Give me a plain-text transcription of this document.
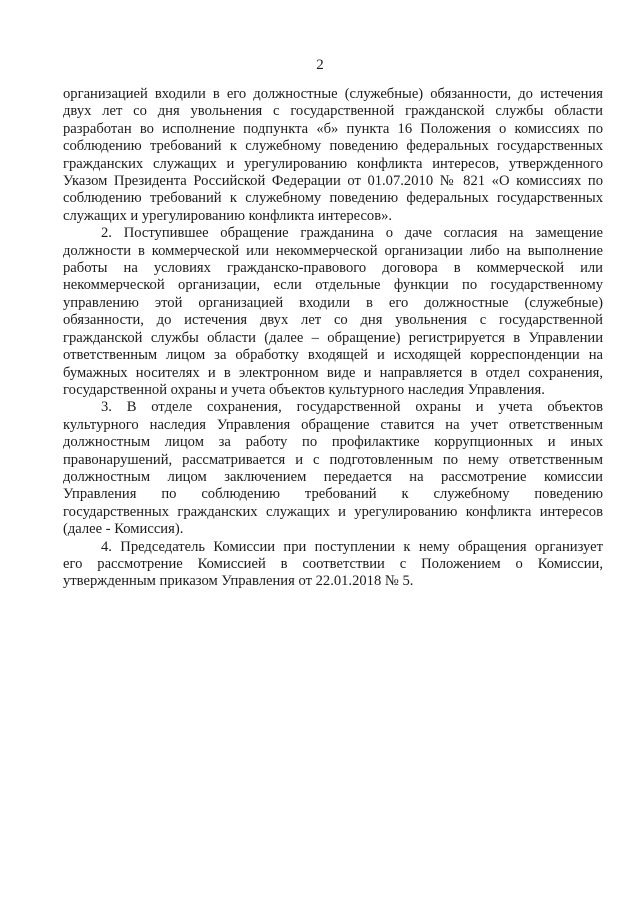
2
организацией входили в его должностные (служебные) обязанности, до истечения
двух лет со дня увольнения с государственной гражданской службы области
разработан во исполнение подпункта «б» пункта 16 Положения о комиссиях по
соблюдению требований к служебному поведению федеральных государственных
гражданских служащих и урегулированию конфликта интересов, утвержденного
Указом Президента Российской Федерации от 01.07.2010 № 821 «О комиссиях по
соблюдению требований к служебному поведению федеральных государственных
служащих и урегулированию конфликта интересов».
2. Поступившее обращение гражданина о даче согласия на замещение
должности в коммерческой или некоммерческой организации либо на выполнение
работы на условиях гражданско-правового договора в коммерческой или
некоммерческой организации, если отдельные функции по государственному
управлению этой организацией входили в его должностные (служебные)
обязанности, до истечения двух лет со дня увольнения с государственной
гражданской службы области (далее – обращение) регистрируется в Управлении
ответственным лицом за обработку входящей и исходящей корреспонденции на
бумажных носителях и в электронном виде и направляется в отдел сохранения,
государственной охраны и учета объектов культурного наследия Управления.
3. В отделе сохранения, государственной охраны и учета объектов
культурного наследия Управления обращение ставится на учет ответственным
должностным лицом за работу по профилактике коррупционных и иных
правонарушений, рассматривается и с подготовленным по нему ответственным
должностным лицом заключением передается на рассмотрение комиссии
Управления по соблюдению требований к служебному поведению
государственных гражданских служащих и урегулированию конфликта интересов
(далее - Комиссия).
4. Председатель Комиссии при поступлении к нему обращения организует
его рассмотрение Комиссией в соответствии с Положением о Комиссии,
утвержденным приказом Управления от 22.01.2018 № 5.
